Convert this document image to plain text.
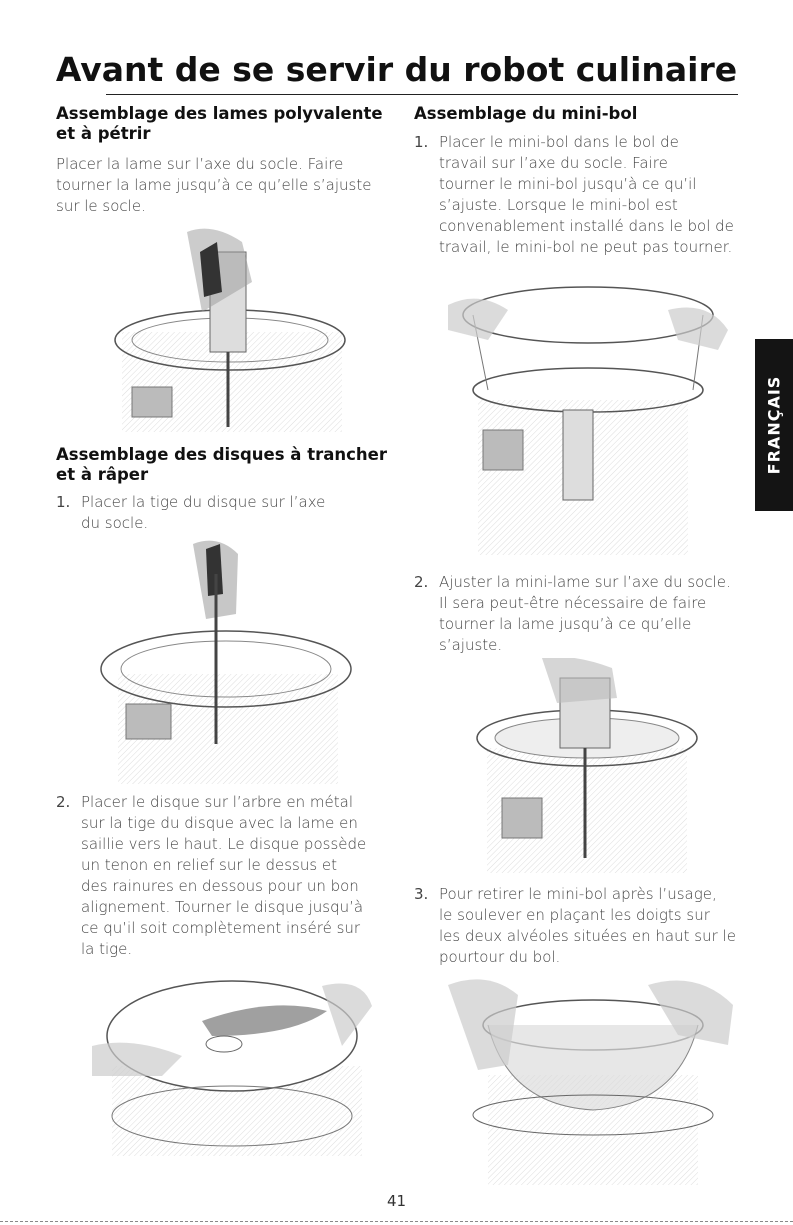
Avant de se servir du robot culinaire
Assemblage des lames polyvalente
et à pétrir
Placer la lame sur l’axe du socle. Faire
tourner la lame jusqu’à ce qu’elle s’ajuste
sur le socle.
Assemblage des disques à trancher
et à râper
1. Placer la tige du disque sur l’axe
du socle.
2. Placer le disque sur l’arbre en métal
sur la tige du disque avec la lame en
saillie vers le haut. Le disque possède
un tenon en relief sur le dessus et
des rainures en dessous pour un bon
alignement. Tourner le disque jusqu’à
ce qu’il soit complètement inséré sur
la tige.
Assemblage du mini-bol
1. Placer le mini-bol dans le bol de
travail sur l’axe du socle. Faire
tourner le mini-bol jusqu’à ce qu’il
s’ajuste. Lorsque le mini-bol est
convenablement installé dans le bol de
travail, le mini-bol ne peut pas tourner.
2. Ajuster la mini-lame sur l’axe du socle.
Il sera peut-être nécessaire de faire
tourner la lame jusqu’à ce qu’elle
s’ajuste.
3. Pour retirer le mini-bol après l’usage,
le soulever en plaçant les doigts sur
les deux alvéoles situées en haut sur le
pourtour du bol.
FRANÇAIS
41
